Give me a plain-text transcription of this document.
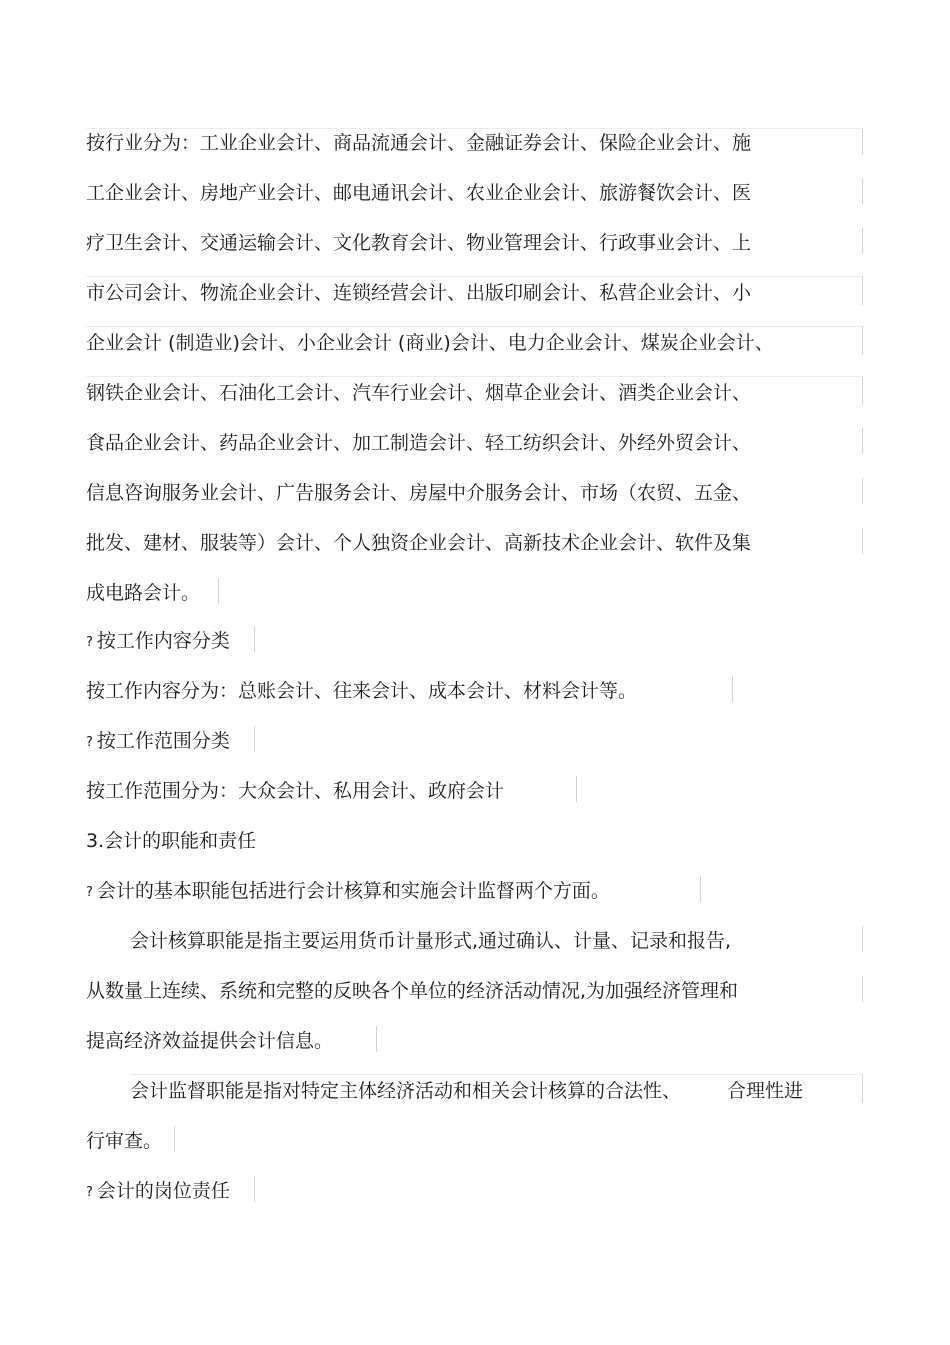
按行业分为：工业企业会计、商品流通会计、金融证券会计、保险企业会计、施
工企业会计、房地产业会计、邮电通讯会计、农业企业会计、旅游餐饮会计、医
疗卫生会计、交通运输会计、文化教育会计、物业管理会计、行政事业会计、上
市公司会计、物流企业会计、连锁经营会计、出版印刷会计、私营企业会计、小
企业会计 (制造业)会计、小企业会计 (商业)会计、电力企业会计、煤炭企业会计、
钢铁企业会计、石油化工会计、汽车行业会计、烟草企业会计、酒类企业会计、
食品企业会计、药品企业会计、加工制造会计、轻工纺织会计、外经外贸会计、
信息咨询服务业会计、广告服务会计、房屋中介服务会计、市场（农贸、五金、
批发、建材、服装等）会计、个人独资企业会计、高新技术企业会计、软件及集
成电路会计。
? 按工作内容分类
按工作内容分为：总账会计、往来会计、成本会计、材料会计等。
? 按工作范围分类
按工作范围分为：大众会计、私用会计、政府会计
3.会计的职能和责任
? 会计的基本职能包括进行会计核算和实施会计监督两个方面。
会计核算职能是指主要运用货币计量形式,通过确认、计量、记录和报告,
从数量上连续、系统和完整的反映各个单位的经济活动情况,为加强经济管理和
提高经济效益提供会计信息。
会计监督职能是指对特定主体经济活动和相关会计核算的合法性、 合理性进
行审查。
? 会计的岗位责任
